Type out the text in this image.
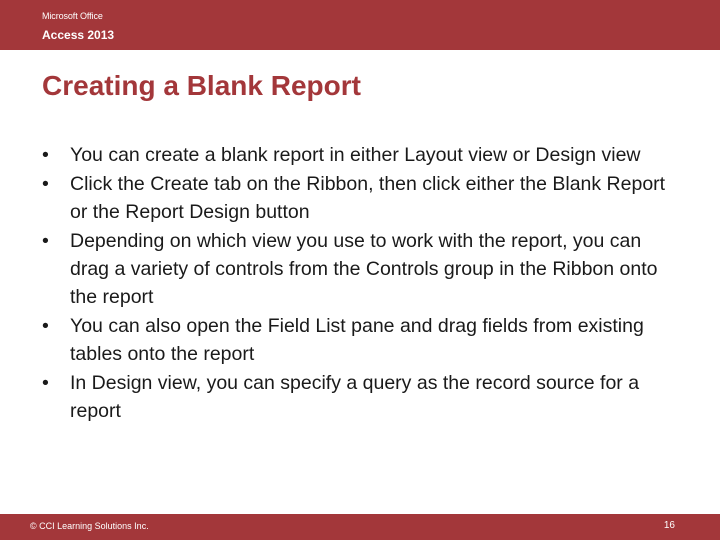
Microsoft Office
Access 2013
Creating a Blank Report
•	You can create a blank report in either Layout view or Design view
•	Click the Create tab on the Ribbon, then click either the Blank Report or the Report Design button
•	Depending on which view you use to work with the report, you can drag a variety of controls from the Controls group in the Ribbon onto the report
•	You can also open the Field List pane and drag fields from existing tables onto the report
•	In Design view, you can specify a query as the record source for a report
© CCI Learning Solutions Inc.	16
